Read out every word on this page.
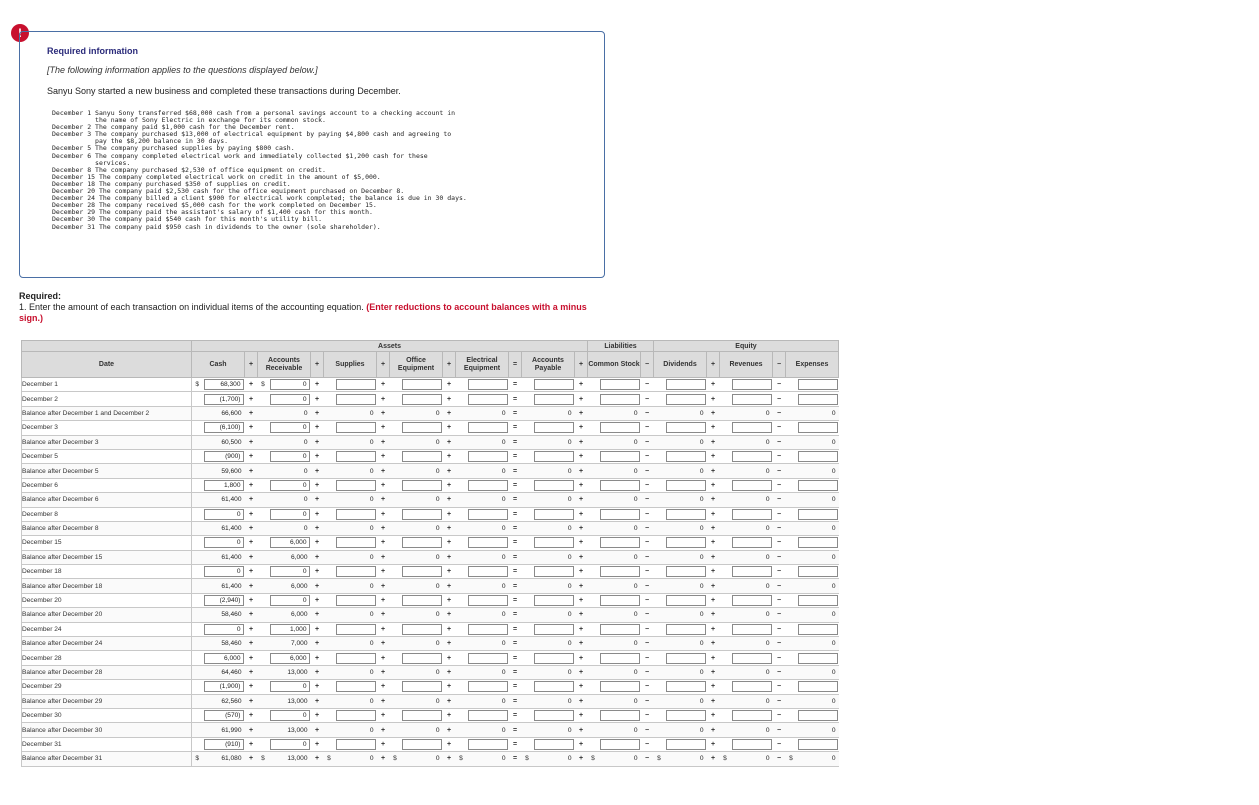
!
Required information
[The following information applies to the questions displayed below.]
Sanyu Sony started a new business and completed these transactions during December.
December 1 Sanyu Sony transferred $68,000 cash from a personal savings account to a checking account in
the name of Sony Electric in exchange for its common stock.
December 2 The company paid $1,000 cash for the December rent.
December 3 The company purchased $13,000 of electrical equipment by paying $4,800 cash and agreeing to
pay the $8,200 balance in 30 days.
December 5 The company purchased supplies by paying $800 cash.
December 6 The company completed electrical work and immediately collected $1,200 cash for these
services.
December 8 The company purchased $2,530 of office equipment on credit.
December 15 The company completed electrical work on credit in the amount of $5,000.
December 18 The company purchased $350 of supplies on credit.
December 20 The company paid $2,530 cash for the office equipment purchased on December 8.
December 24 The company billed a client $900 for electrical work completed; the balance is due in 30 days.
December 28 The company received $5,000 cash for the work completed on December 15.
December 29 The company paid the assistant's salary of $1,400 cash for this month.
December 30 The company paid $540 cash for this month's utility bill.
December 31 The company paid $950 cash in dividends to the owner (sole shareholder).
Required:
1. Enter the amount of each transaction on individual items of the accounting equation. (Enter reductions to account balances with a minus sign.)
	Assets																		Liabilities			Equity							
Date	Cash		+	Accounts Receivable		+	Supplies		+	Office Equipment		+	Electrical Equipment		=	Accounts Payable		+	Common Stock		−	Dividends		+	Revenues		−	Expenses	
December 1	$	68,300	+	$	0	+			+			+			=			+			−			+			−		

December 2		(1,700)	+		0	+			+			+			=			+			−			+			−		

Balance after December 1 and December 2		66,600	+		0	+		0	+		0	+		0	=		0	+		0	−		0	+		0	−		0

December 3		(6,100)	+		0	+			+			+			=			+			−			+			−		

Balance after December 3		60,500	+		0	+		0	+		0	+		0	=		0	+		0	−		0	+		0	−		0

December 5		(900)	+		0	+			+			+			=			+			−			+			−		

Balance after December 5		59,600	+		0	+		0	+		0	+		0	=		0	+		0	−		0	+		0	−		0

December 6		1,800	+		0	+			+			+			=			+			−			+			−		

Balance after December 6		61,400	+		0	+		0	+		0	+		0	=		0	+		0	−		0	+		0	−		0

December 8		0	+		0	+			+			+			=			+			−			+			−		

Balance after December 8		61,400	+		0	+		0	+		0	+		0	=		0	+		0	−		0	+		0	−		0

December 15		0	+		6,000	+			+			+			=			+			−			+			−		

Balance after December 15		61,400	+		6,000	+		0	+		0	+		0	=		0	+		0	−		0	+		0	−		0

December 18		0	+		0	+			+			+			=			+			−			+			−		

Balance after December 18		61,400	+		6,000	+		0	+		0	+		0	=		0	+		0	−		0	+		0	−		0

December 20		(2,940)	+		0	+			+			+			=			+			−			+			−		

Balance after December 20		58,460	+		6,000	+		0	+		0	+		0	=		0	+		0	−		0	+		0	−		0

December 24		0	+		1,000	+			+			+			=			+			−			+			−		

Balance after December 24		58,460	+		7,000	+		0	+		0	+		0	=		0	+		0	−		0	+		0	−		0

December 28		6,000	+		6,000	+			+			+			=			+			−			+			−		

Balance after December 28		64,460	+		13,000	+		0	+		0	+		0	=		0	+		0	−		0	+		0	−		0

December 29		(1,900)	+		0	+			+			+			=			+			−			+			−		

Balance after December 29		62,560	+		13,000	+		0	+		0	+		0	=		0	+		0	−		0	+		0	−		0

December 30		(570)	+		0	+			+			+			=			+			−			+			−		

Balance after December 30		61,990	+		13,000	+		0	+		0	+		0	=		0	+		0	−		0	+		0	−		0

December 31		(910)	+		0	+			+			+			=			+			−			+			−		

Balance after December 31	$	61,080	+	$	13,000	+	$	0	+	$	0	+	$	0	=	$	0	+	$	0	−	$	0	+	$	0	−	$	0
